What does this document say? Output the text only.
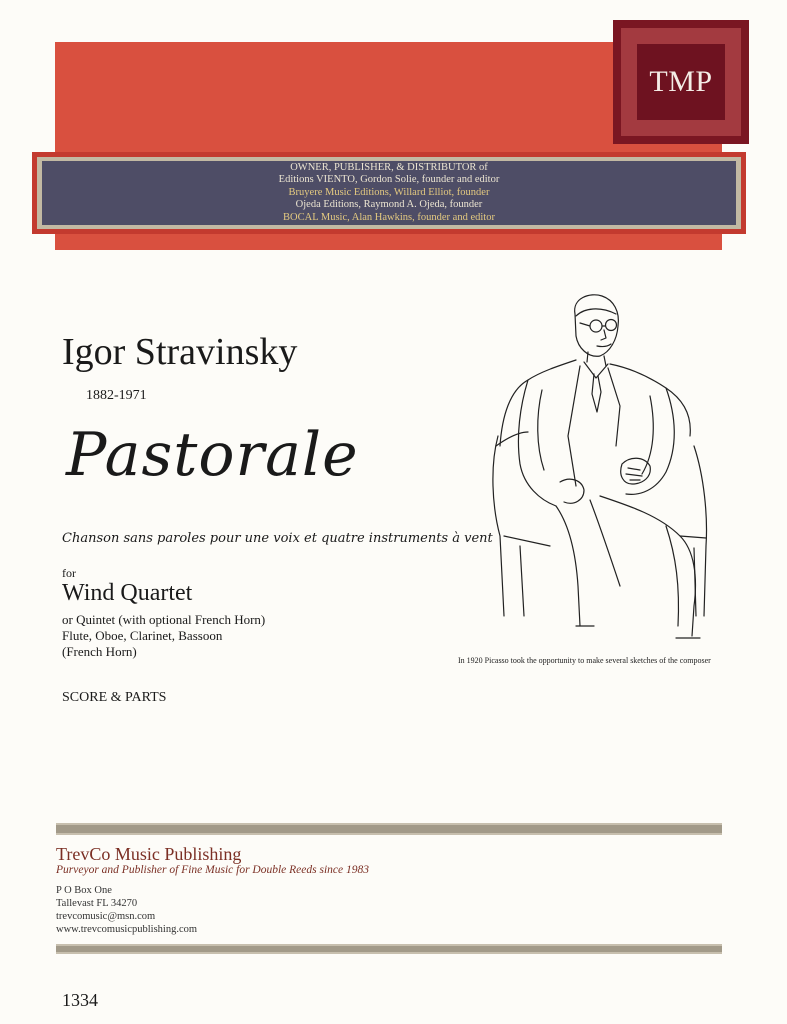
TMP
OWNER, PUBLISHER, & DISTRIBUTOR of
Editions VIENTO, Gordon Solie, founder and editor
Bruyere Music Editions, Willard Elliot, founder
Ojeda Editions, Raymond A. Ojeda, founder
BOCAL Music, Alan Hawkins, founder and editor
Igor Stravinsky
1882-1971
Pastorale
Chanson sans paroles pour une voix et quatre instruments à vent
for
Wind Quartet
or Quintet (with optional French Horn)
Flute, Oboe, Clarinet, Bassoon
(French Horn)
SCORE & PARTS
In 1920 Picasso took the opportunity to make several sketches of the composer
TrevCo Music Publishing
Purveyor and Publisher of Fine Music for Double Reeds since 1983
P O Box One
Tallevast FL 34270
trevcomusic@msn.com
www.trevcomusicpublishing.com
1334
